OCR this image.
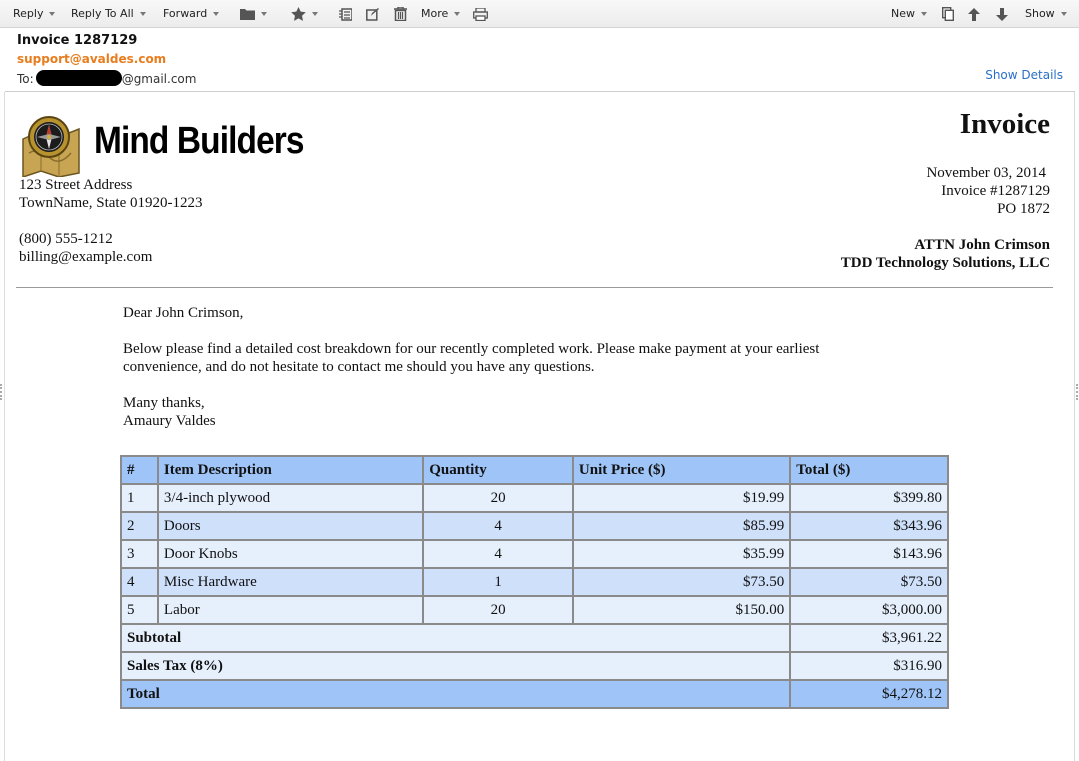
Reply	Reply To All	Forward	More	New	Show
Invoice 1287129
support@avaldes.com
To:	@gmail.com	Show Details
Mind Builders
123 Street Address
TownName, State 01920-1223
(800) 555-1212
billing@example.com
Invoice
November 03, 2014
Invoice #1287129
PO 1872
ATTN John Crimson
TDD Technology Solutions, LLC
Dear John Crimson,
Below please find a detailed cost breakdown for our recently completed work. Please make payment at your earliest
convenience, and do not hesitate to contact me should you have any questions.
Many thanks,
Amaury Valdes
#	Item Description	Quantity	Unit Price ($)	Total ($)
1	3/4-inch plywood	20	$19.99	$399.80
2	Doors	4	$85.99	$343.96
3	Door Knobs	4	$35.99	$143.96
4	Misc Hardware	1	$73.50	$73.50
5	Labor	20	$150.00	$3,000.00
Subtotal				$3,961.22
Sales Tax (8%)				$316.90
Total				$4,278.12
